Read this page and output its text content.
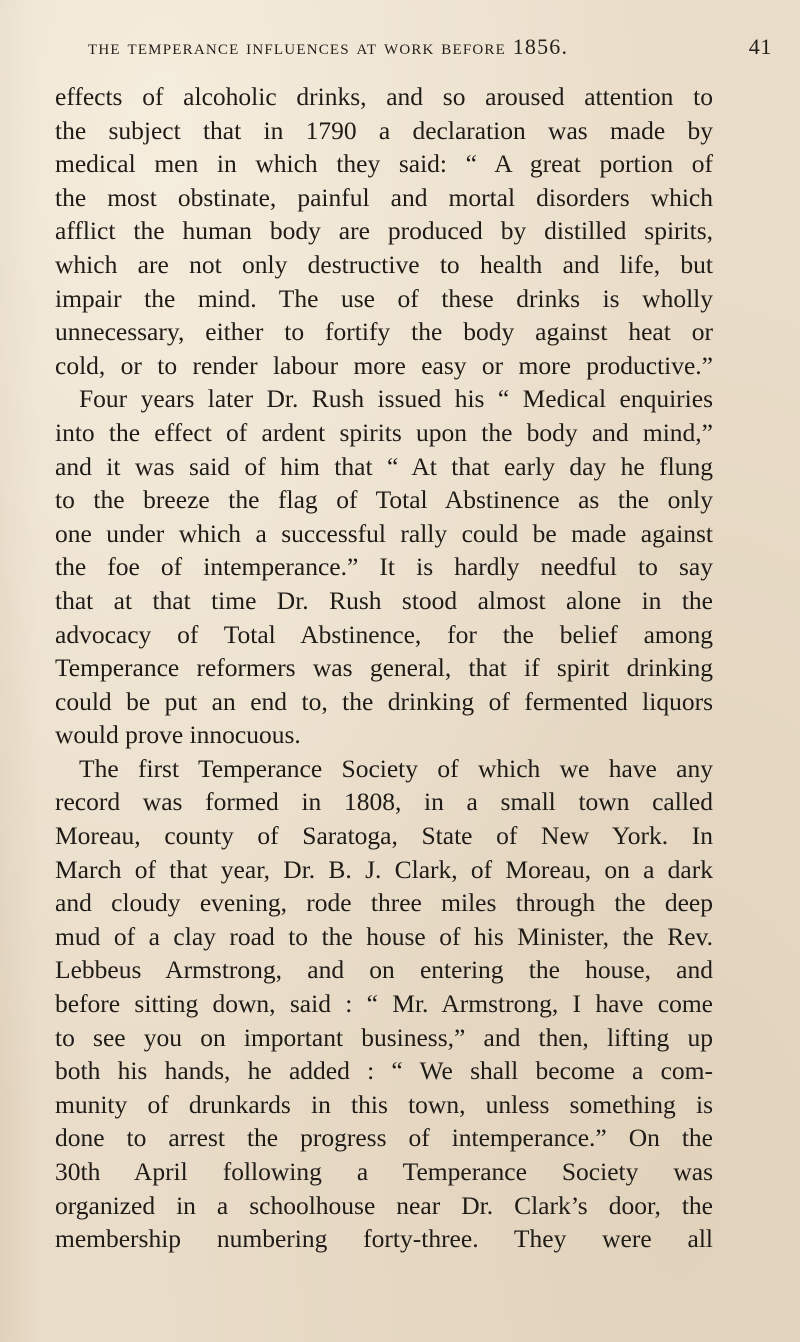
the temperance influences at work before 1856.	41
effects of alcoholic drinks, and so aroused attention to
the subject that in 1790 a declaration was made by
medical men in which they said: “ A great portion of
the most obstinate, painful and mortal disorders which
afflict the human body are produced by distilled spirits,
which are not only destructive to health and life, but
impair the mind. The use of these drinks is wholly
unnecessary, either to fortify the body against heat or
cold, or to render labour more easy or more productive.”
Four years later Dr. Rush issued his “ Medical enquiries
into the effect of ardent spirits upon the body and mind,”
and it was said of him that “ At that early day he flung
to the breeze the flag of Total Abstinence as the only
one under which a successful rally could be made against
the foe of intemperance.” It is hardly needful to say
that at that time Dr. Rush stood almost alone in the
advocacy of Total Abstinence, for the belief among
Temperance reformers was general, that if spirit drinking
could be put an end to, the drinking of fermented liquors
would prove innocuous.
The first Temperance Society of which we have any
record was formed in 1808, in a small town called
Moreau, county of Saratoga, State of New York. In
March of that year, Dr. B. J. Clark, of Moreau, on a dark
and cloudy evening, rode three miles through the deep
mud of a clay road to the house of his Minister, the Rev.
Lebbeus Armstrong, and on entering the house, and
before sitting down, said : “ Mr. Armstrong, I have come
to see you on important business,” and then, lifting up
both his hands, he added : “ We shall become a com-
munity of drunkards in this town, unless something is
done to arrest the progress of intemperance.” On the
30th April following a Temperance Society was
organized in a schoolhouse near Dr. Clark’s door, the
membership numbering forty-three. They were all
